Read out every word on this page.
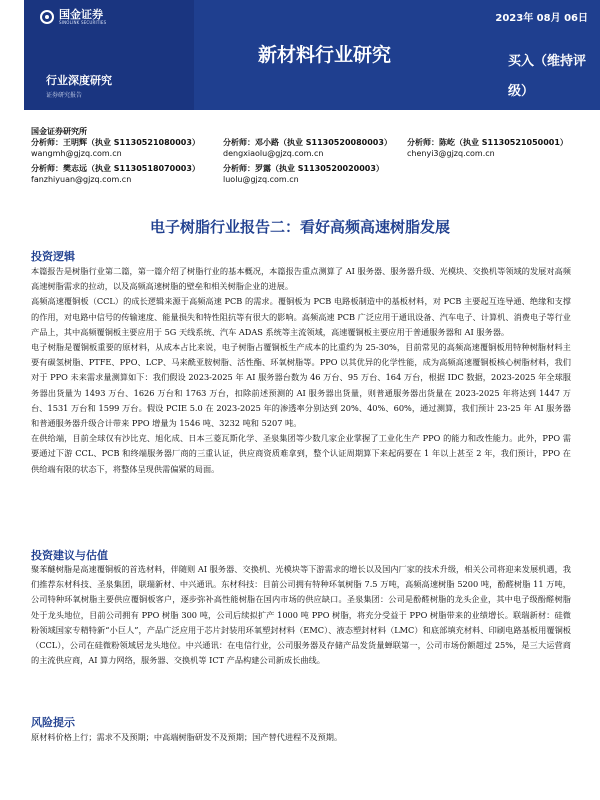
国金证券
SINOLINK SECURITIES	2023年 08月 06日
新材料行业研究	买入（维持评级）
行业深度研究
证券研究报告
国金证券研究所
分析师：王明辉（执业 S1130521080003）
wangmh@gjzq.com.cn
分析师：邓小路（执业 S1130520080003）
dengxiaolu@gjzq.com.cn
分析师：陈屹（执业 S1130521050001）
chenyi3@gjzq.com.cn
分析师：樊志远（执业 S1130518070003）
fanzhiyuan@gjzq.com.cn
分析师：罗露（执业 S1130520020003）
luolu@gjzq.com.cn
电子树脂行业报告二：看好高频高速树脂发展
投资逻辑

本篇报告是树脂行业第二篇，第一篇介绍了树脂行业的基本概况，本篇报告重点测算了 AI 服务器、服务器升级、光模块、交换机等领域的发展对高频高速树脂需求的拉动，以及高频高速树脂的壁垒和相关树脂企业的进展。

高频高速覆铜板（CCL）的成长逻辑来源于高频高速 PCB 的需求。覆铜板为 PCB 电路板制造中的基板材料，对 PCB 主要起互连导通、绝缘和支撑的作用，对电路中信号的传输速度、能量损失和特性阻抗等有很大的影响。高频高速 PCB 广泛应用于通讯设备、汽车电子、计算机、消费电子等行业产品上，其中高频覆铜板主要应用于 5G 天线系统、汽车 ADAS 系统等主流领域，高速覆铜板主要应用于普通服务器和 AI 服务器。

电子树脂是覆铜板重要的原材料，从成本占比来说，电子树脂占覆铜板生产成本的比重约为 25-30%，目前常见的高频高速覆铜板用特种树脂材料主要有碳氢树脂、PTFE、PPO、LCP、马来酰亚胺树脂、活性酯、环氧树脂等。PPO 以其优异的化学性能，成为高频高速覆铜板核心树脂材料，我们对于 PPO 未来需求量测算如下：我们假设 2023-2025 年 AI 服务器台数为 46 万台、95 万台、164 万台，根据 IDC 数据，2023-2025 年全球服务器出货量为 1493 万台、1626 万台和 1763 万台，扣除前述预测的 AI 服务器出货量，则普通服务器出货量在 2023-2025 年将达到 1447 万台、1531 万台和 1599 万台。假设 PCIE 5.0 在 2023-2025 年的渗透率分别达到 20%、40%、60%，通过测算，我们预计 23-25 年 AI 服务器和普通服务器升级合计带来 PPO 增量为 1546 吨、3232 吨和 5207 吨。

在供给端，目前全球仅有沙比克、旭化成、日本三菱瓦斯化学、圣泉集团等少数几家企业掌握了工业化生产 PPO 的能力和改性能力。此外，PPO 需要通过下游 CCL、PCB 和终端服务器厂商的三重认证，供应商资质难拿到，整个认证周期算下来起码要在 1 年以上甚至 2 年，我们预计，PPO 在供给端有限的状态下，将整体呈现供需偏紧的局面。

投资建议与估值

聚苯醚树脂是高速覆铜板的首选材料，伴随则 AI 服务器、交换机、光模块等下游需求的增长以及国内厂家的技术升级，相关公司将迎来发展机遇，我们推荐东材科技、圣泉集团，联瑞新材、中兴通讯。东材科技：目前公司拥有特种环氧树脂 7.5 万吨，高频高速树脂 5200 吨，酚醛树脂 11 万吨，公司特种环氧树脂主要供应覆铜板客户，逐步弥补高性能树脂在国内市场的供应缺口。圣泉集团：公司是酚醛树脂的龙头企业，其中电子级酚醛树脂处于龙头地位，目前公司拥有 PPO 树脂 300 吨，公司后续拟扩产 1000 吨 PPO 树脂，将充分受益于 PPO 树脂带来的业绩增长。联瑞新材：硅微粉领域国家专精特新“小巨人”，产品广泛应用于芯片封装用环氧塑封材料（EMC）、液态塑封材料（LMC）和底部填充材料、印刷电路基板用覆铜板（CCL），公司在硅微粉领域居龙头地位。中兴通讯：在电信行业，公司服务器及存储产品发货量蝉联第一，公司市场份额超过 25%，是三大运营商的主流供应商，AI 算力网络，服务器、交换机等 ICT 产品构建公司新成长曲线。

风险提示

原材料价格上行；需求不及预期；中高端树脂研发不及预期；国产替代进程不及预期。
